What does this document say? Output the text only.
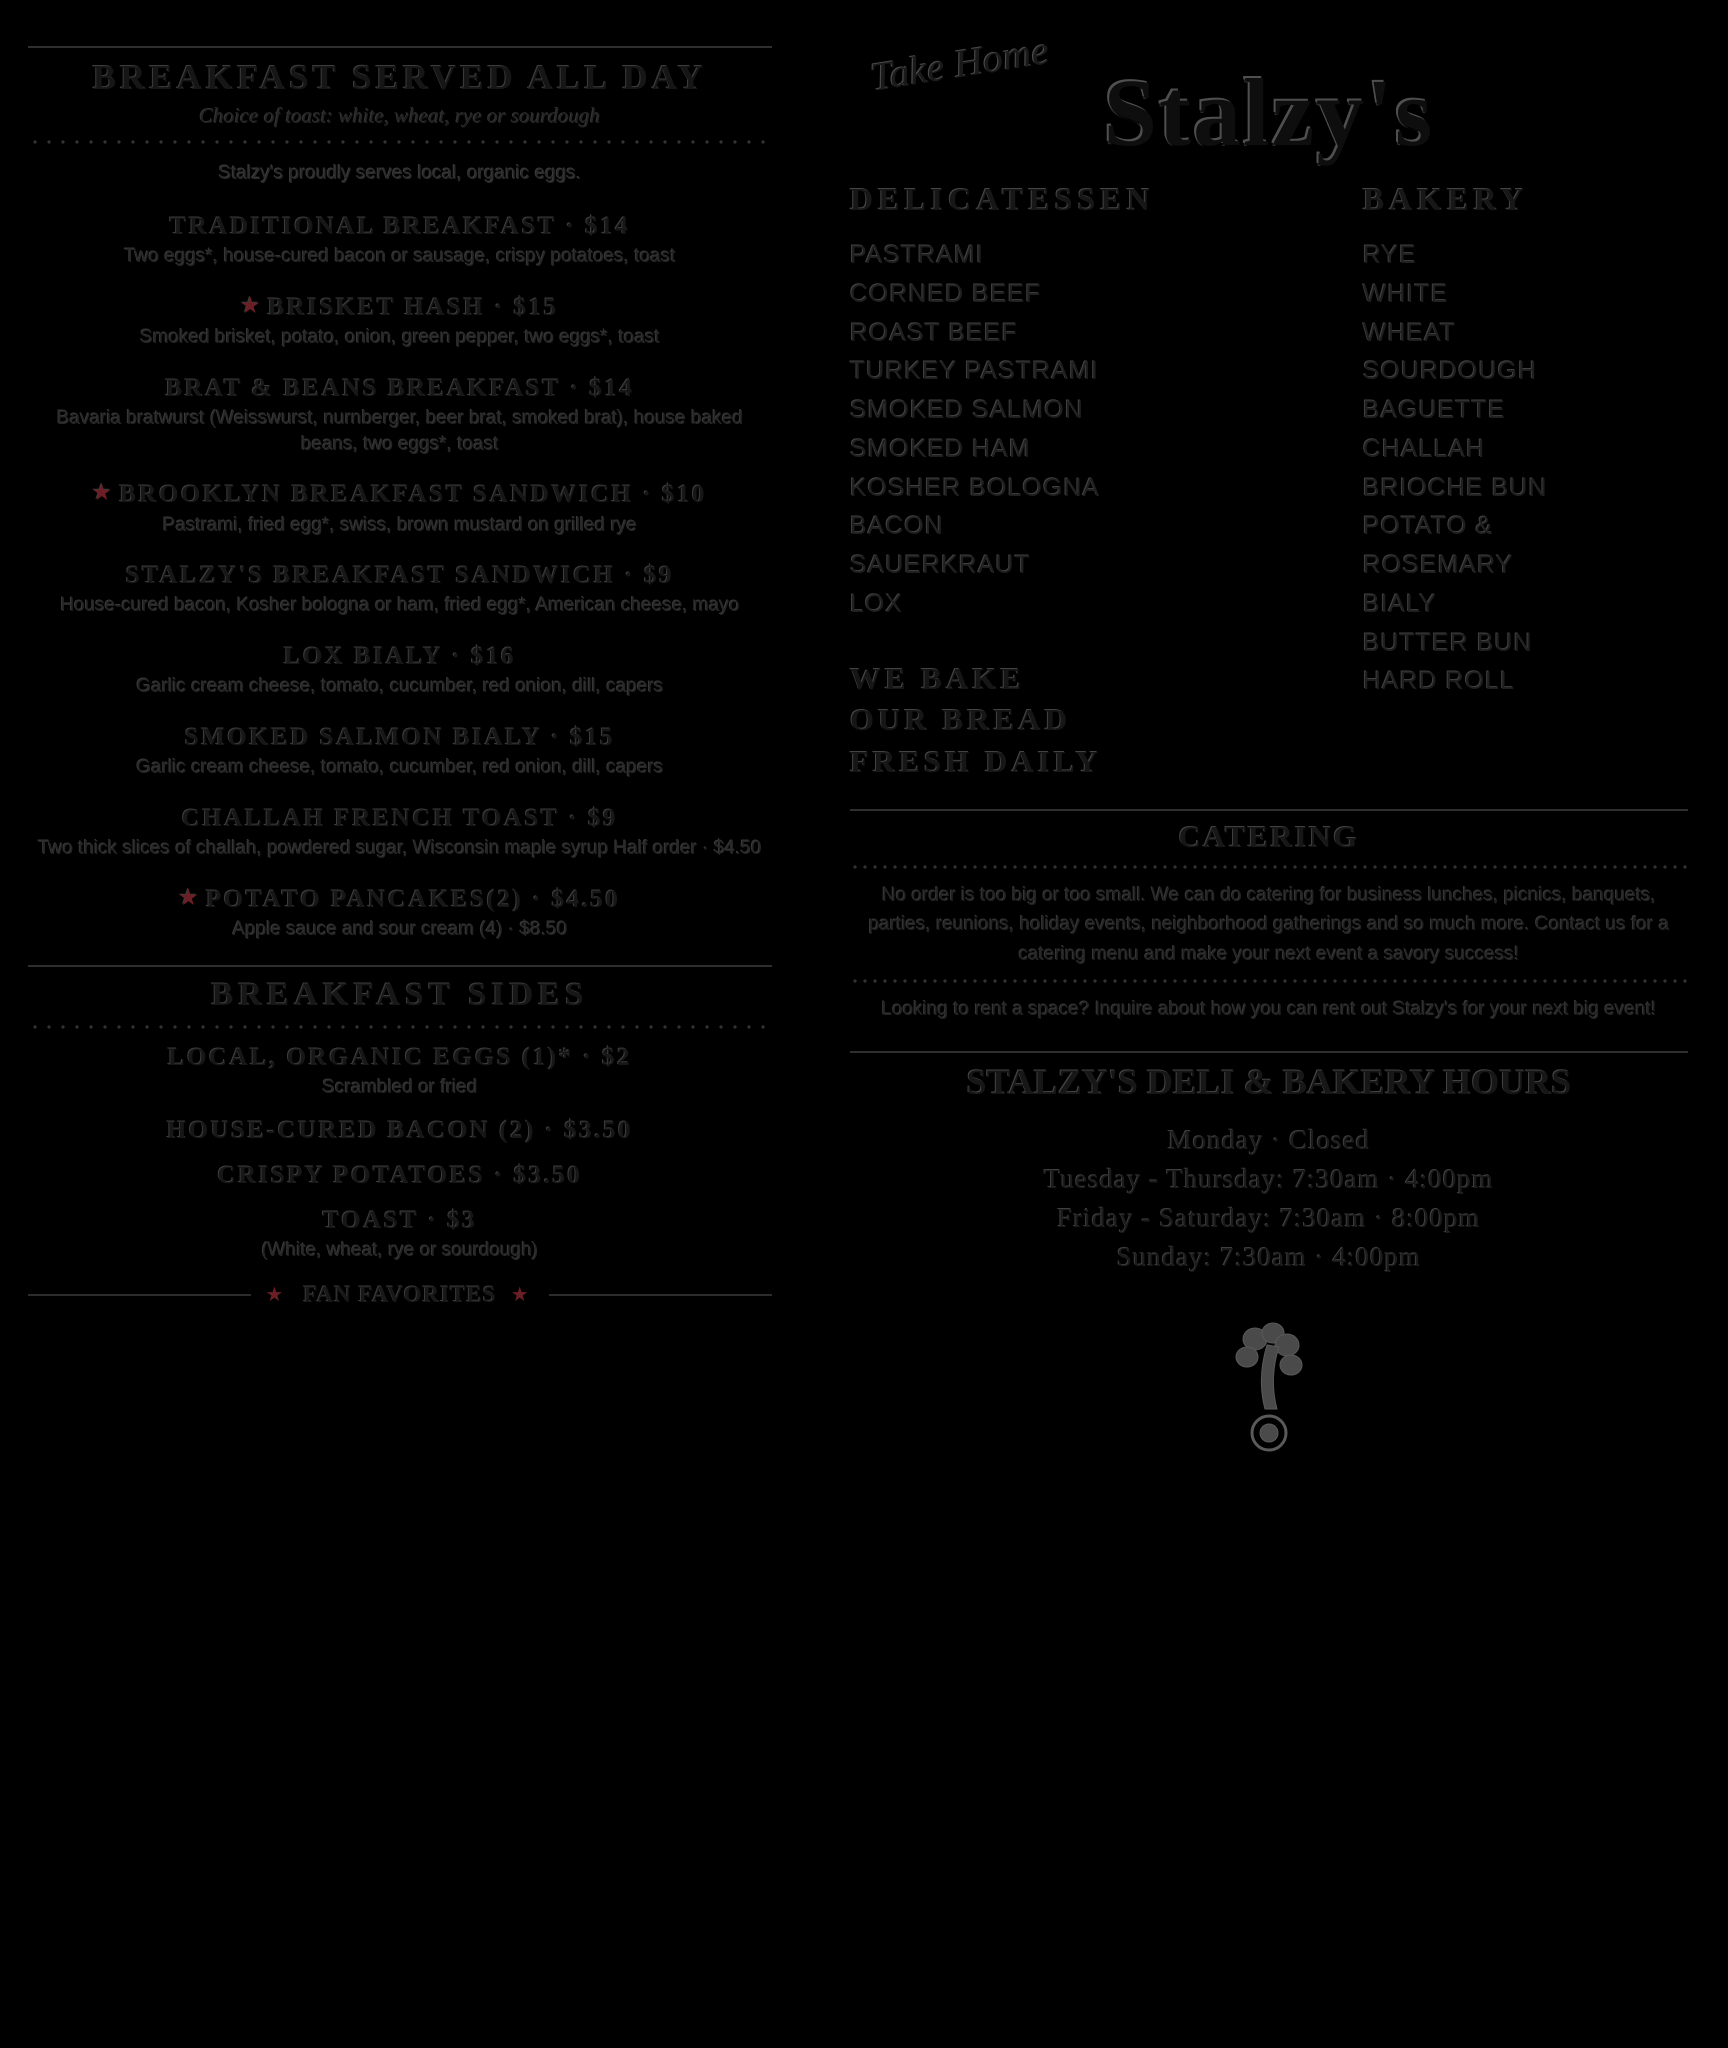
BREAKFAST SERVED ALL DAY
Choice of toast: white, wheat, rye or sourdough
Stalzy's proudly serves local, organic eggs.
TRADITIONAL BREAKFAST · $14
Two eggs*, house-cured bacon or sausage, crispy potatoes, toast
★ BRISKET HASH · $15
Smoked brisket, potato, onion, green pepper, two eggs*, toast
BRAT & BEANS BREAKFAST · $14
Bavaria bratwurst (Weisswurst, nurnberger, beer brat, smoked brat), house baked beans, two eggs*, toast
★ BROOKLYN BREAKFAST SANDWICH · $10
Pastrami, fried egg*, swiss, brown mustard on grilled rye
STALZY'S BREAKFAST SANDWICH · $9
House-cured bacon, Kosher bologna or ham, fried egg*, American cheese, mayo
LOX BIALY · $16
Garlic cream cheese, tomato, cucumber, red onion, dill, capers
SMOKED SALMON BIALY · $15
Garlic cream cheese, tomato, cucumber, red onion, dill, capers
CHALLAH FRENCH TOAST · $9
Two thick slices of challah, powdered sugar, Wisconsin maple syrup Half order · $4.50
★ POTATO PANCAKES(2) · $4.50
Apple sauce and sour cream (4) · $8.50
BREAKFAST SIDES
LOCAL, ORGANIC EGGS (1)* · $2
Scrambled or fried
HOUSE-CURED BACON (2) · $3.50
CRISPY POTATOES · $3.50
TOAST · $3
(White, wheat, rye or sourdough)
★ FAN FAVORITES ★
Take Home Stalzy's
DELICATESSEN
PASTRAMI
CORNED BEEF
ROAST BEEF
TURKEY PASTRAMI
SMOKED SALMON
SMOKED HAM
KOSHER BOLOGNA
BACON
SAUERKRAUT
LOX
WE BAKE
OUR BREAD
FRESH DAILY
BAKERY
RYE
WHITE
WHEAT
SOURDOUGH
BAGUETTE
CHALLAH
BRIOCHE BUN
POTATO &
ROSEMARY
BIALY
BUTTER BUN
HARD ROLL
CATERING
No order is too big or too small. We can do catering for business lunches, picnics, banquets, parties, reunions, holiday events, neighborhood gatherings and so much more. Contact us for a catering menu and make your next event a savory success!
Looking to rent a space? Inquire about how you can rent out Stalzy's for your next big event!
STALZY'S DELI & BAKERY HOURS
Monday · Closed
Tuesday - Thursday: 7:30am · 4:00pm
Friday - Saturday: 7:30am · 8:00pm
Sunday: 7:30am · 4:00pm
